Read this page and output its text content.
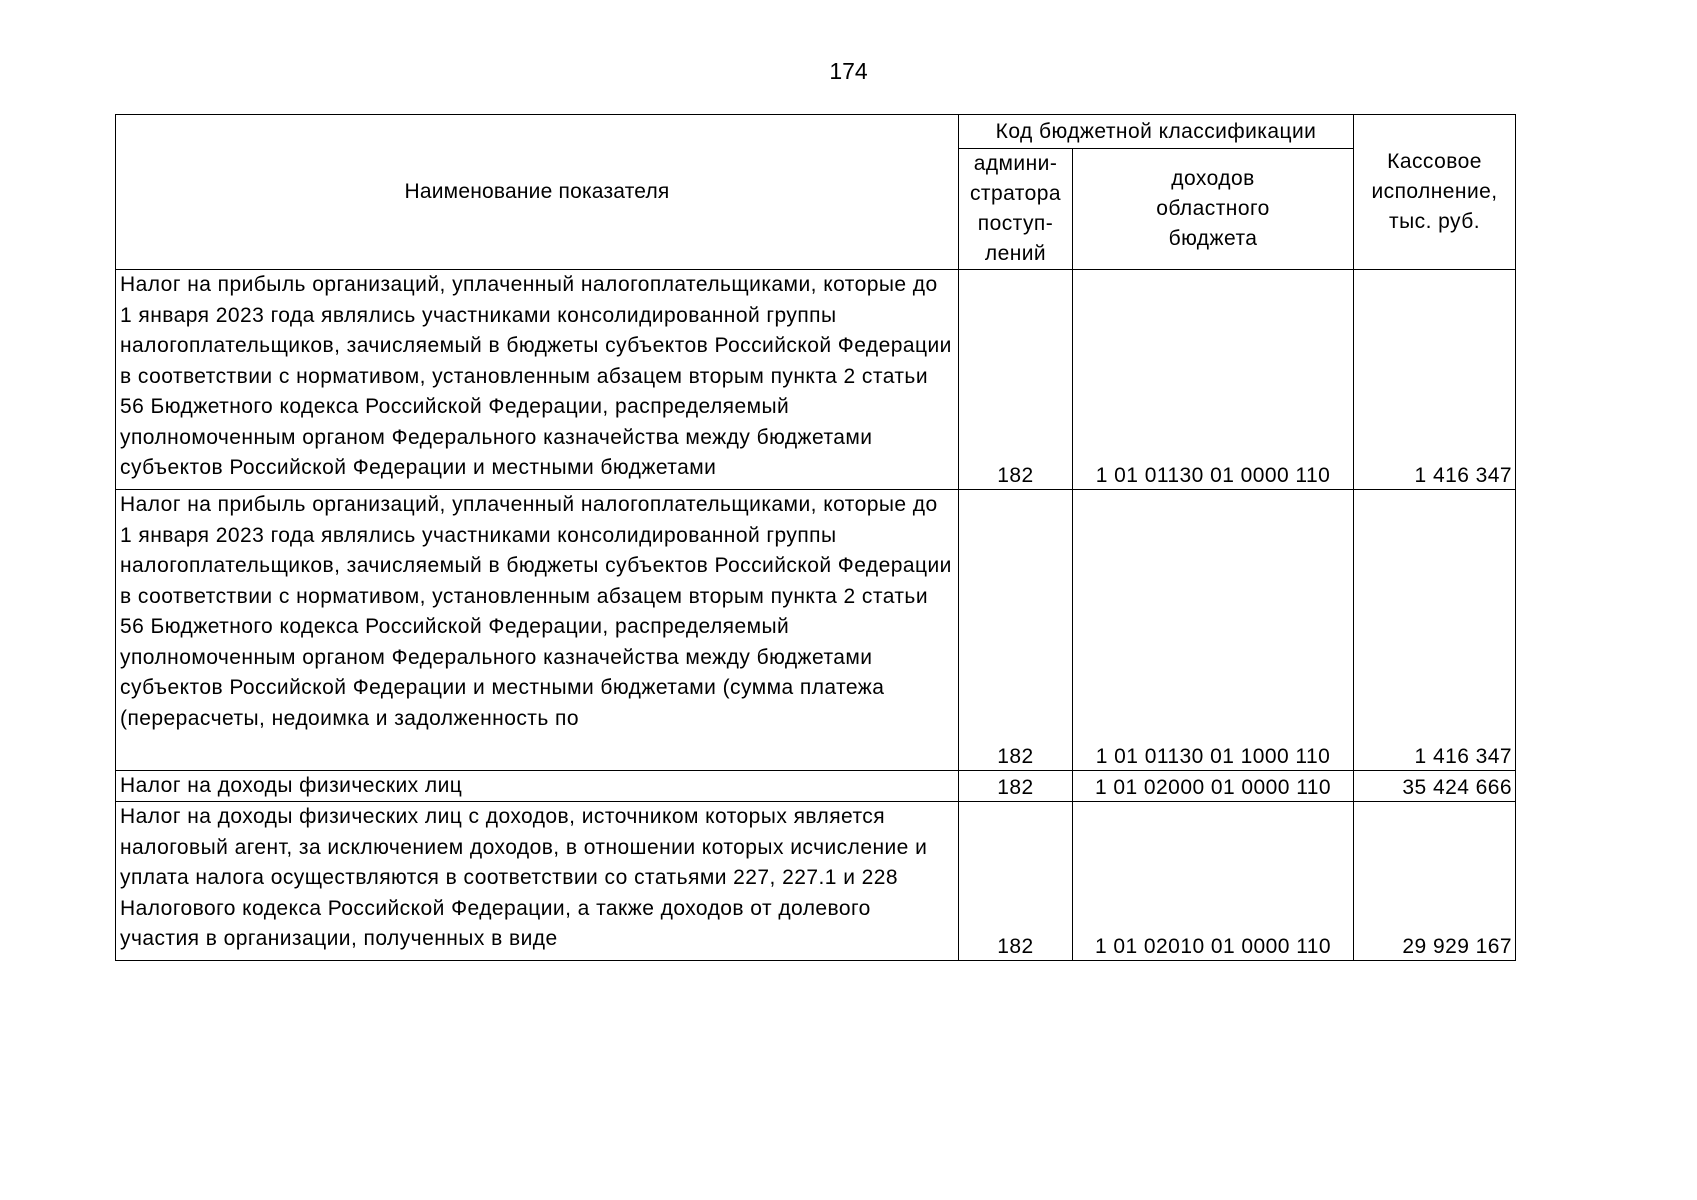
174
Наименование показателя	Код бюджетной классификации		Кассовое
исполнение,
тыс. руб.
	админи-
стратора
поступ-
лений	доходов
областного
бюджета	

Налог на прибыль организаций, уплаченный налогоплательщиками, которые до 1 января 2023 года являлись участниками консолидированной группы налогоплательщиков, зачисляемый в бюджеты субъектов Российской Федерации в соответствии с нормативом, установленным абзацем вторым пункта 2 статьи 56 Бюджетного кодекса Российской Федерации, распределяемый уполномоченным органом Федерального казначейства между бюджетами субъектов Российской Федерации и местными бюджетами	182	1 01 01130 01 0000 110	1 416 347

Налог на прибыль организаций, уплаченный налогоплательщиками, которые до 1 января 2023 года являлись участниками консолидированной группы налогоплательщиков, зачисляемый в бюджеты субъектов Российской Федерации в соответствии с нормативом, установленным абзацем вторым пункта 2 статьи 56 Бюджетного кодекса Российской Федерации, распределяемый уполномоченным органом Федерального казначейства между бюджетами субъектов Российской Федерации и местными бюджетами (сумма платежа (перерасчеты, недоимка и задолженность по	182	1 01 01130 01 1000 110	1 416 347

Налог на доходы физических лиц	182	1 01 02000 01 0000 110	35 424 666

Налог на доходы физических лиц с доходов, источником которых является налоговый агент, за исключением доходов, в отношении которых исчисление и уплата налога осуществляются в соответствии со статьями 227, 227.1 и 228 Налогового кодекса Российской Федерации, а также доходов от долевого участия в организации, полученных в виде	182	1 01 02010 01 0000 110	29 929 167
